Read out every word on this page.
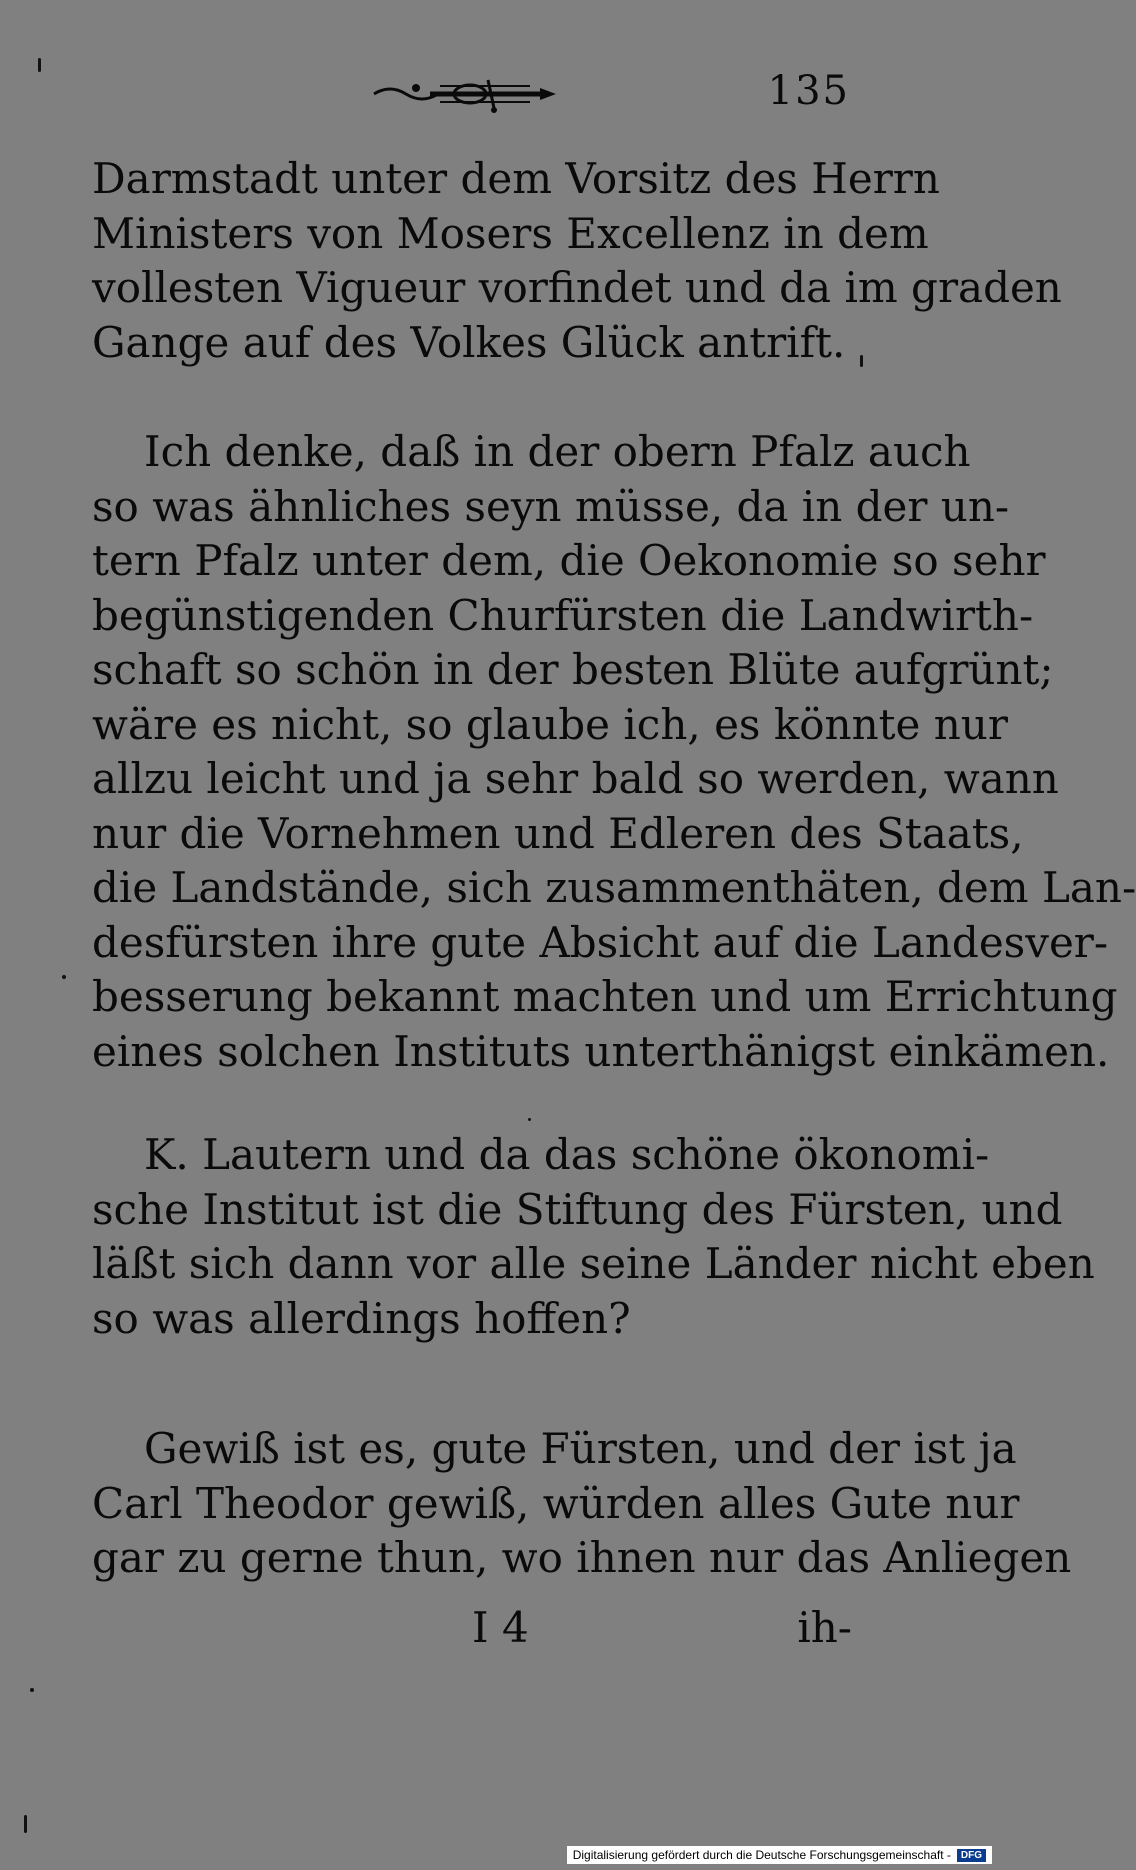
135
Darmstadt unter dem Vorsitz des Herrn
Ministers von Mosers Excellenz in dem
vollesten Vigueur vorfindet und da im graden
Gange auf des Volkes Glück antrift.
Ich denke, daß in der obern Pfalz auch
so was ähnliches seyn müsse, da in der un-
tern Pfalz unter dem, die Oekonomie so sehr
begünstigenden Churfürsten die Landwirth-
schaft so schön in der besten Blüte aufgrünt;
wäre es nicht, so glaube ich, es könnte nur
allzu leicht und ja sehr bald so werden, wann
nur die Vornehmen und Edleren des Staats,
die Landstände, sich zusammenthäten, dem Lan-
desfürsten ihre gute Absicht auf die Landesver-
besserung bekannt machten und um Errichtung
eines solchen Instituts unterthänigst einkämen.
K. Lautern und da das schöne ökonomi-
sche Institut ist die Stiftung des Fürsten, und
läßt sich dann vor alle seine Länder nicht eben
so was allerdings hoffen?
Gewiß ist es, gute Fürsten, und der ist ja
Carl Theodor gewiß, würden alles Gute nur
gar zu gerne thun, wo ihnen nur das Anliegen
I 4	ih-
Digitalisierung gefördert durch die Deutsche Forschungsgemeinschaft -	DFG
